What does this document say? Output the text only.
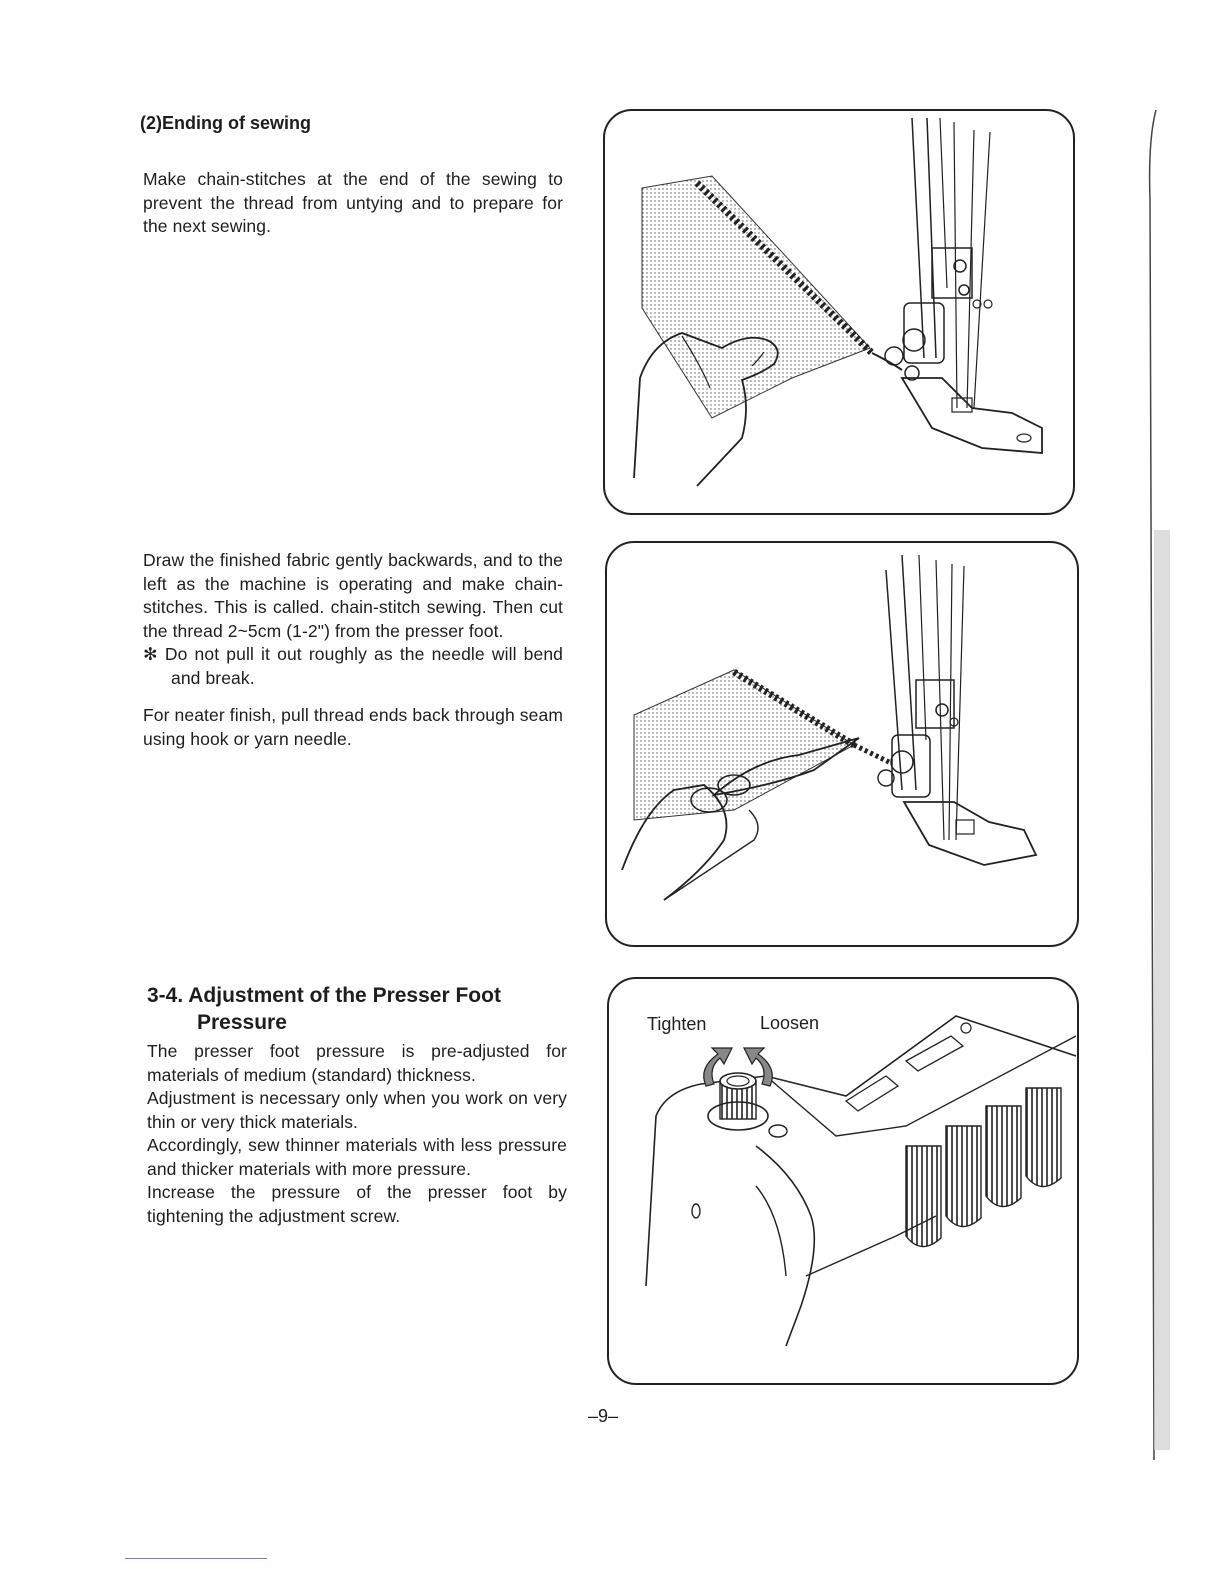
(2)Ending of sewing

Make chain-stitches at the end of the sewing to prevent the thread from untying and to prepare for the next sewing.

Draw the finished fabric gently backwards, and to the left as the machine is operating and make chain-stitches. This is called. chain-stitch sewing. Then cut the thread 2~5cm (1-2") from the presser foot.

✻ Do not pull it out roughly as the needle will bend and break.

For neater finish, pull thread ends back through seam using hook or yarn needle.

3-4. Adjustment of the Presser Foot
Pressure

The presser foot pressure is pre-adjusted for materials of medium (standard) thickness.

Adjustment is necessary only when you work on very thin or very thick materials.

Accordingly, sew thinner materials with less pressure and thicker materials with more pressure.

Increase the pressure of the presser foot by tightening the adjustment screw.

Tighten	Loosen
–9–
